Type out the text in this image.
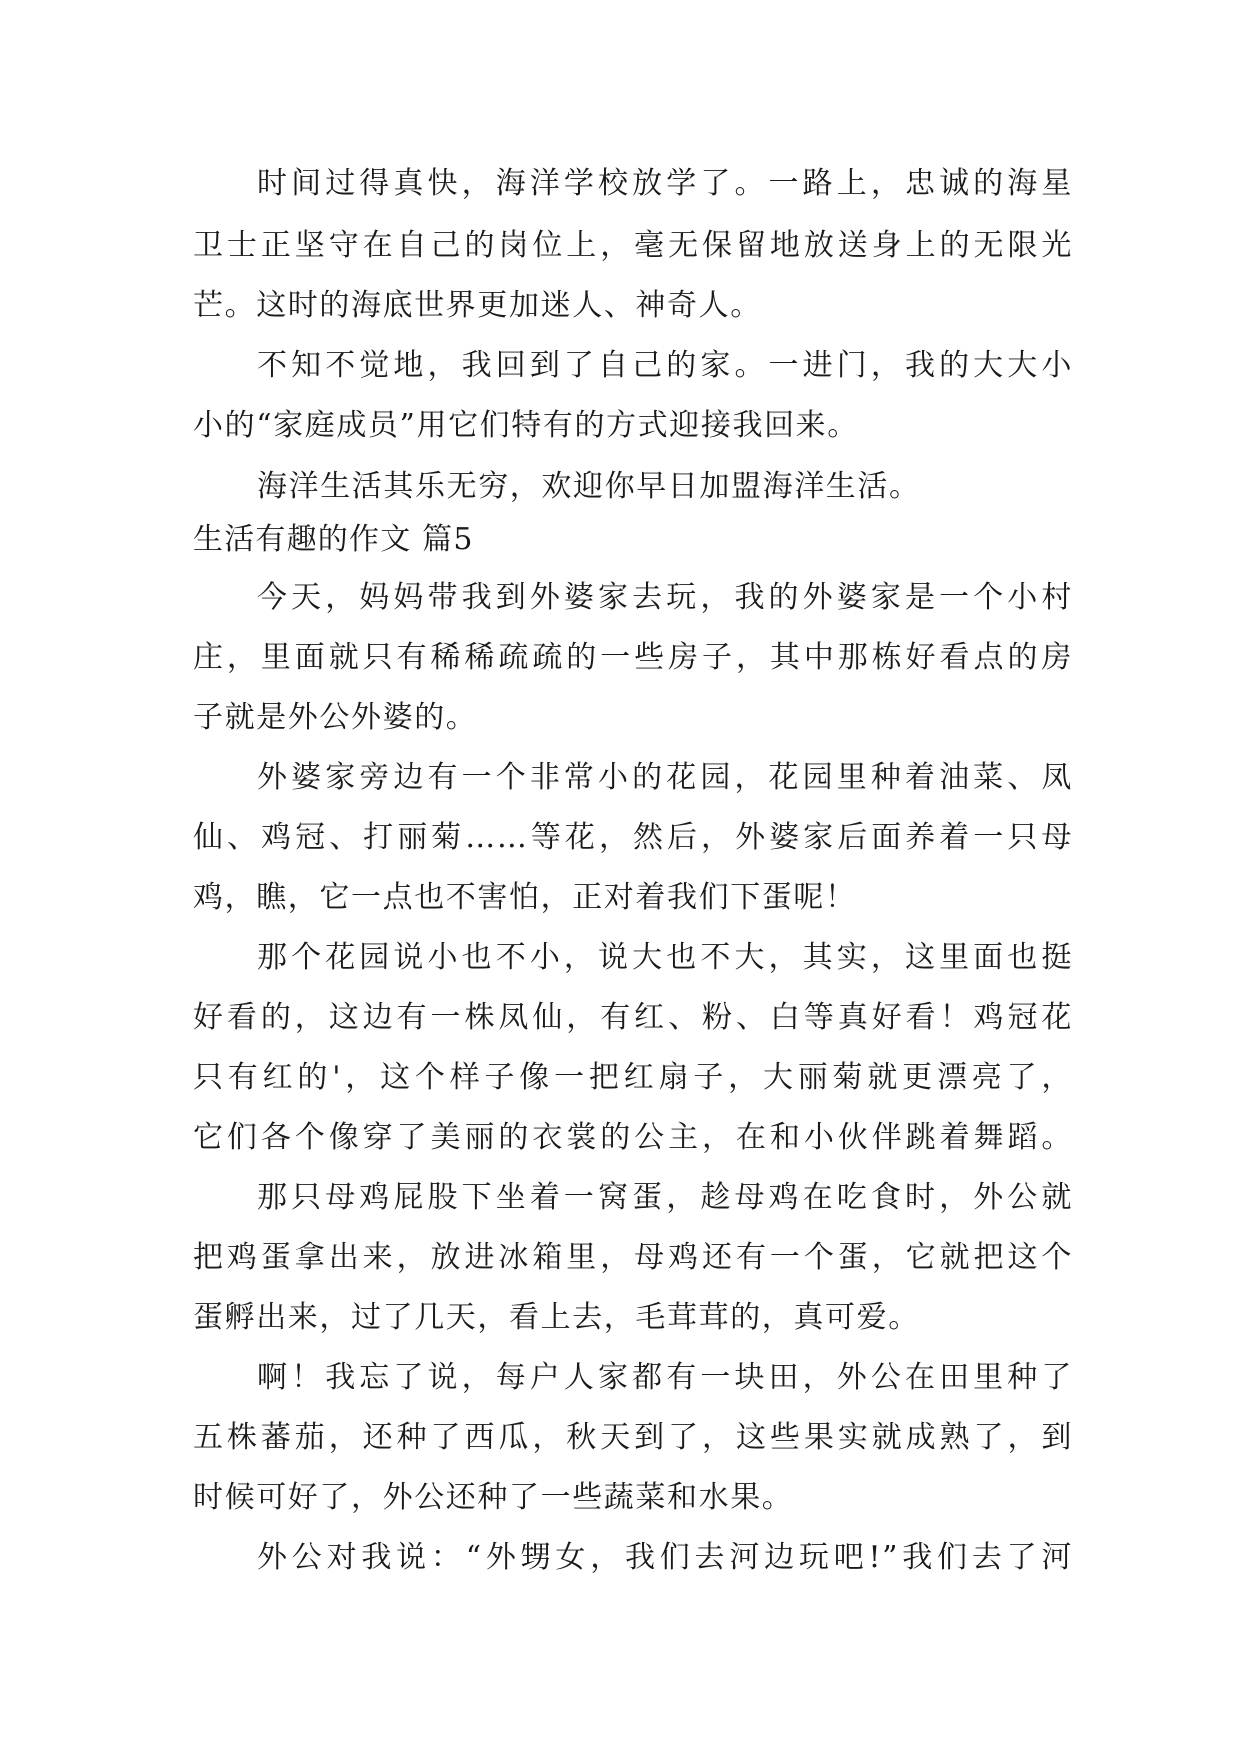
时间过得真快，海洋学校放学了。一路上，忠诚的海星
卫士正坚守在自己的岗位上，毫无保留地放送身上的无限光
芒。这时的海底世界更加迷人、神奇人。
不知不觉地，我回到了自己的家。一进门，我的大大小
小的“家庭成员”用它们特有的方式迎接我回来。
海洋生活其乐无穷，欢迎你早日加盟海洋生活。
生活有趣的作文 篇5
今天，妈妈带我到外婆家去玩，我的外婆家是一个小村
庄，里面就只有稀稀疏疏的一些房子，其中那栋好看点的房
子就是外公外婆的。
外婆家旁边有一个非常小的花园，花园里种着油菜、凤
仙、鸡冠、打丽菊……等花，然后，外婆家后面养着一只母
鸡，瞧，它一点也不害怕，正对着我们下蛋呢！
那个花园说小也不小，说大也不大，其实，这里面也挺
好看的，这边有一株凤仙，有红、粉、白等真好看！鸡冠花
只有红的'，这个样子像一把红扇子，大丽菊就更漂亮了，
它们各个像穿了美丽的衣裳的公主，在和小伙伴跳着舞蹈。
那只母鸡屁股下坐着一窝蛋，趁母鸡在吃食时，外公就
把鸡蛋拿出来，放进冰箱里，母鸡还有一个蛋，它就把这个
蛋孵出来，过了几天，看上去，毛茸茸的，真可爱。
啊！我忘了说，每户人家都有一块田，外公在田里种了
五株蕃茄，还种了西瓜，秋天到了，这些果实就成熟了，到
时候可好了，外公还种了一些蔬菜和水果。
外公对我说：“外甥女，我们去河边玩吧!”我们去了河
